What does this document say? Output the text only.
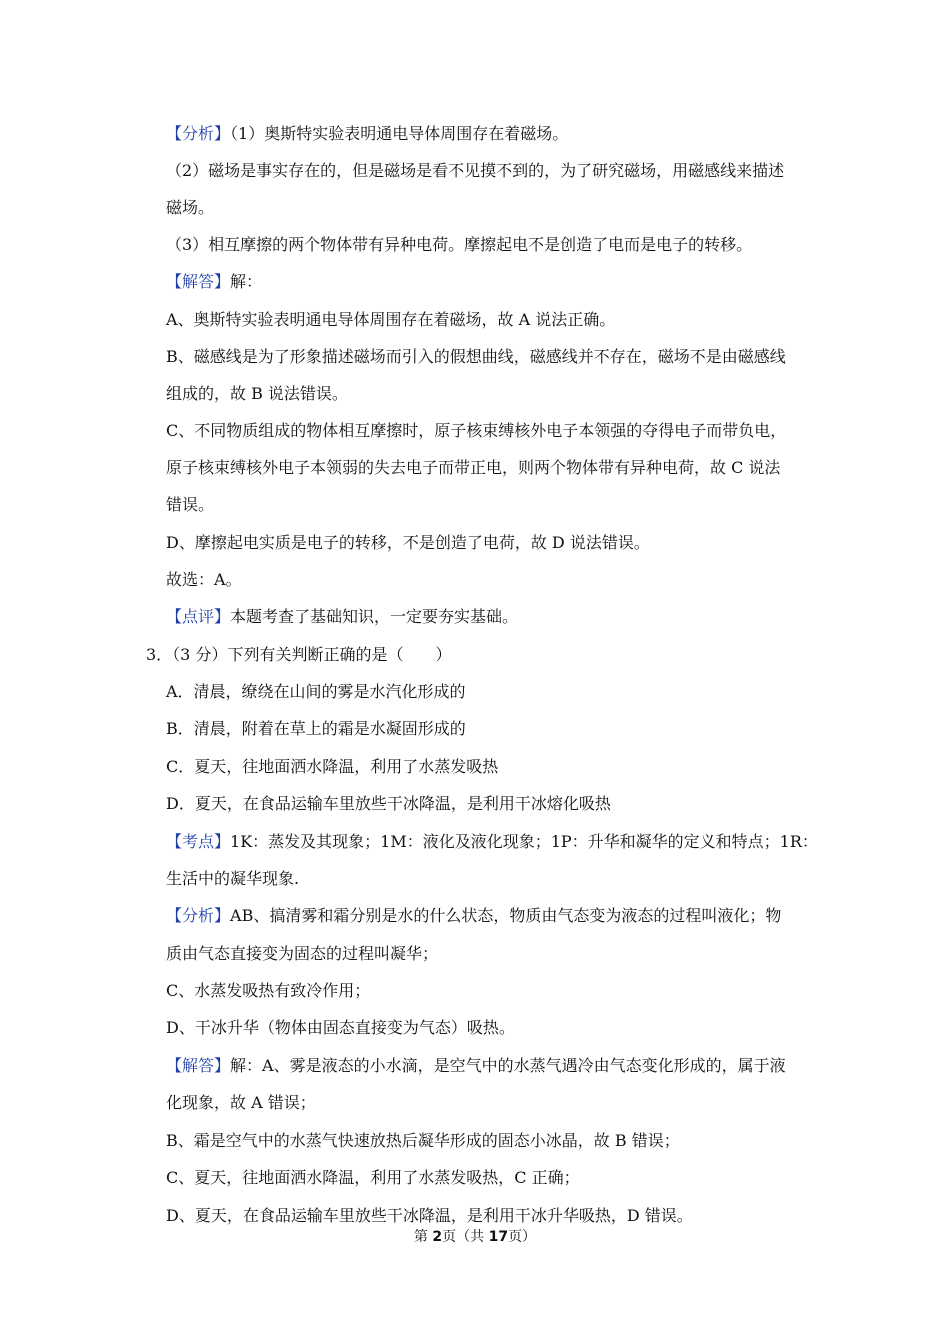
【分析】（1）奥斯特实验表明通电导体周围存在着磁场。
（2）磁场是事实存在的，但是磁场是看不见摸不到的，为了研究磁场，用磁感线来描述
磁场。
（3）相互摩擦的两个物体带有异种电荷。摩擦起电不是创造了电而是电子的转移。
【解答】解：
A、奥斯特实验表明通电导体周围存在着磁场，故 A 说法正确。
B、磁感线是为了形象描述磁场而引入的假想曲线，磁感线并不存在，磁场不是由磁感线
组成的，故 B 说法错误。
C、不同物质组成的物体相互摩擦时，原子核束缚核外电子本领强的夺得电子而带负电，
原子核束缚核外电子本领弱的失去电子而带正电，则两个物体带有异种电荷，故 C 说法
错误。
D、摩擦起电实质是电子的转移，不是创造了电荷，故 D 说法错误。
故选：A。
【点评】本题考查了基础知识，一定要夯实基础。
3．（3 分）下列有关判断正确的是（　　）
A．清晨，缭绕在山间的雾是水汽化形成的
B．清晨，附着在草上的霜是水凝固形成的
C．夏天，往地面洒水降温，利用了水蒸发吸热
D．夏天，在食品运输车里放些干冰降温，是利用干冰熔化吸热
【考点】1K：蒸发及其现象；1M：液化及液化现象；1P：升华和凝华的定义和特点；1R：
生活中的凝华现象.
【分析】AB、搞清雾和霜分别是水的什么状态，物质由气态变为液态的过程叫液化；物
质由气态直接变为固态的过程叫凝华；
C、水蒸发吸热有致冷作用；
D、干冰升华（物体由固态直接变为气态）吸热。
【解答】解：A、雾是液态的小水滴，是空气中的水蒸气遇冷由气态变化形成的，属于液
化现象，故 A 错误；
B、霜是空气中的水蒸气快速放热后凝华形成的固态小冰晶，故 B 错误；
C、夏天，往地面洒水降温，利用了水蒸发吸热，C 正确；
D、夏天，在食品运输车里放些干冰降温，是利用干冰升华吸热，D 错误。
第 2页（共 17页）
